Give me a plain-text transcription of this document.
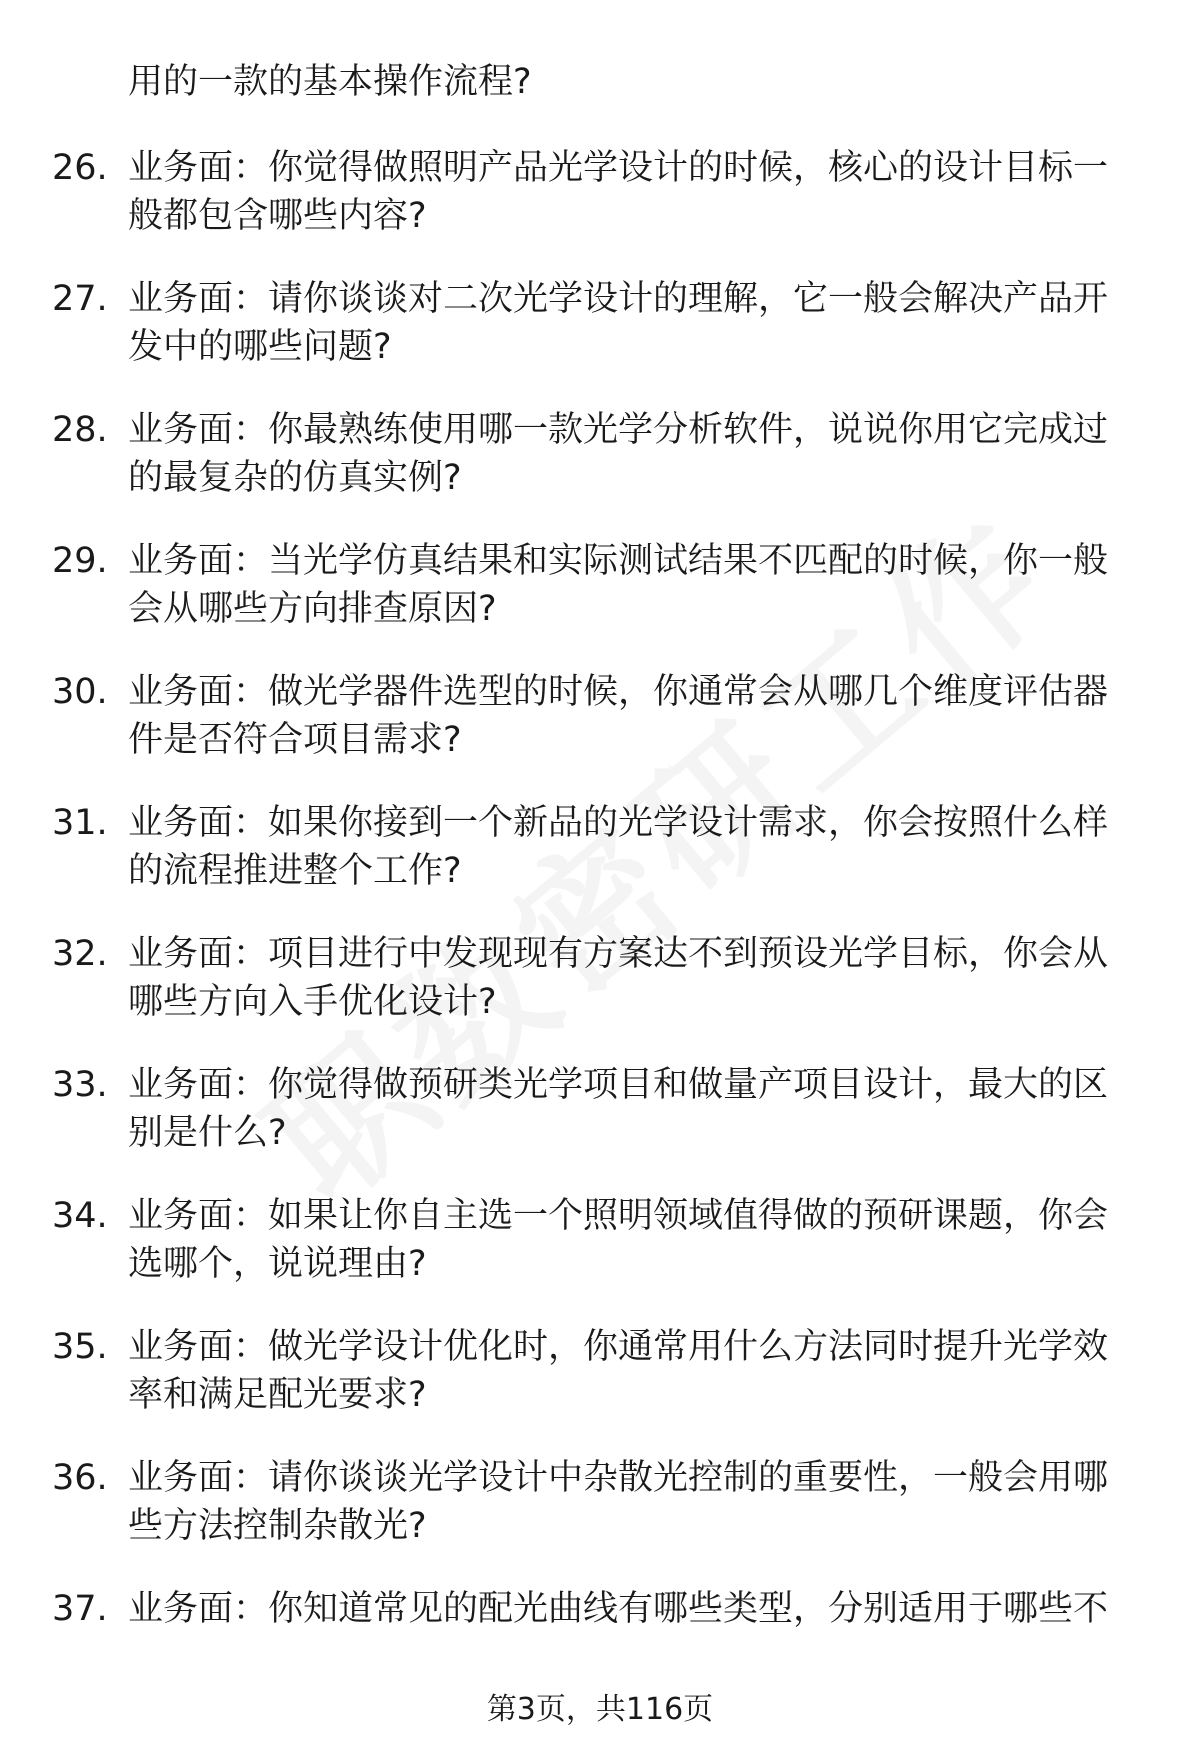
用的一款的基本操作流程?
26. 业务面：你觉得做照明产品光学设计的时候，核心的设计目标一
般都包含哪些内容?
27. 业务面：请你谈谈对二次光学设计的理解，它一般会解决产品开
发中的哪些问题?
28. 业务面：你最熟练使用哪一款光学分析软件，说说你用它完成过
的最复杂的仿真实例?
29. 业务面：当光学仿真结果和实际测试结果不匹配的时候，你一般
会从哪些方向排查原因?
30. 业务面：做光学器件选型的时候，你通常会从哪几个维度评估器
件是否符合项目需求?
31. 业务面：如果你接到一个新品的光学设计需求，你会按照什么样
的流程推进整个工作?
32. 业务面：项目进行中发现现有方案达不到预设光学目标，你会从
哪些方向入手优化设计?
33. 业务面：你觉得做预研类光学项目和做量产项目设计，最大的区
别是什么?
34. 业务面：如果让你自主选一个照明领域值得做的预研课题，你会
选哪个，说说理由?
35. 业务面：做光学设计优化时，你通常用什么方法同时提升光学效
率和满足配光要求?
36. 业务面：请你谈谈光学设计中杂散光控制的重要性，一般会用哪
些方法控制杂散光?
37. 业务面：你知道常见的配光曲线有哪些类型，分别适用于哪些不
第3页，共116页
